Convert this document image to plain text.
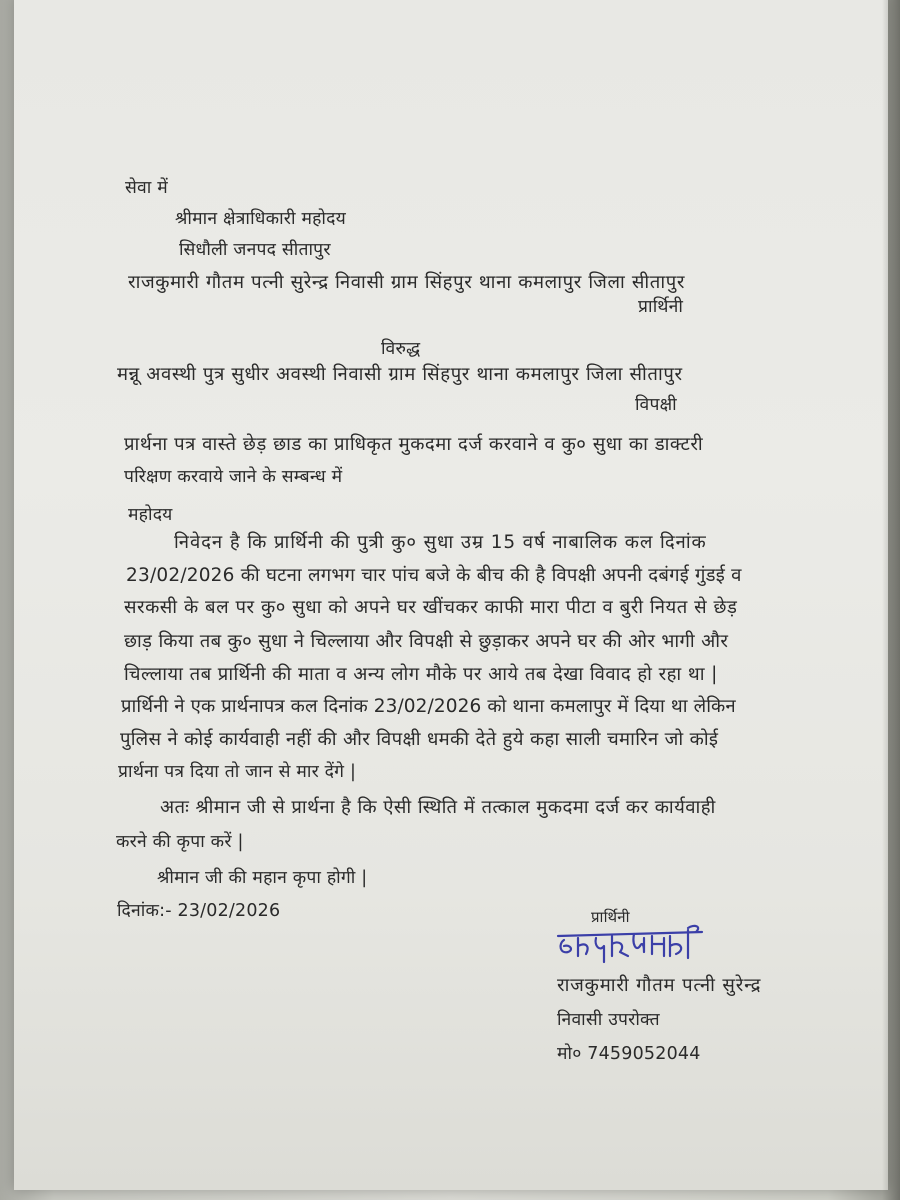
सेवा में
श्रीमान क्षेत्राधिकारी महोदय
सिधौली जनपद सीतापुर
राजकुमारी गौतम पत्नी सुरेन्द्र निवासी ग्राम सिंहपुर थाना कमलापुर जिला सीतापुर
प्रार्थिनी
विरुद्ध
मन्नू अवस्थी पुत्र सुधीर अवस्थी निवासी ग्राम सिंहपुर थाना कमलापुर जिला सीतापुर
विपक्षी
प्रार्थना पत्र वास्ते छेड़ छाड का प्राधिकृत मुकदमा दर्ज करवाने व कु० सुधा का डाक्टरी
परिक्षण करवाये जाने के सम्बन्ध में
महोदय
निवेदन है कि प्रार्थिनी की पुत्री कु० सुधा उम्र 15 वर्ष नाबालिक कल दिनांक
23/02/2026 की घटना लगभग चार पांच बजे के बीच की है विपक्षी अपनी दबंगई गुंडई व
सरकसी के बल पर कु० सुधा को अपने घर खींचकर काफी मारा पीटा व बुरी नियत से छेड़
छाड़ किया तब कु० सुधा ने चिल्लाया और विपक्षी से छुड़ाकर अपने घर की ओर भागी और
चिल्लाया तब प्रार्थिनी की माता व अन्य लोग मौके पर आये तब देखा विवाद हो रहा था |
प्रार्थिनी ने एक प्रार्थनापत्र कल दिनांक 23/02/2026 को थाना कमलापुर में दिया था लेकिन
पुलिस ने कोई कार्यवाही नहीं की और विपक्षी धमकी देते हुये कहा साली चमारिन जो कोई
प्रार्थना पत्र दिया तो जान से मार देंगे |
अतः श्रीमान जी से प्रार्थना है कि ऐसी स्थिति में तत्काल मुकदमा दर्ज कर कार्यवाही
करने की कृपा करें |
श्रीमान जी की महान कृपा होगी |
दिनांक:- 23/02/2026	प्रार्थिनी
राजकुमारी गौतम पत्नी सुरेन्द्र
निवासी उपरोक्त
मो० 7459052044
